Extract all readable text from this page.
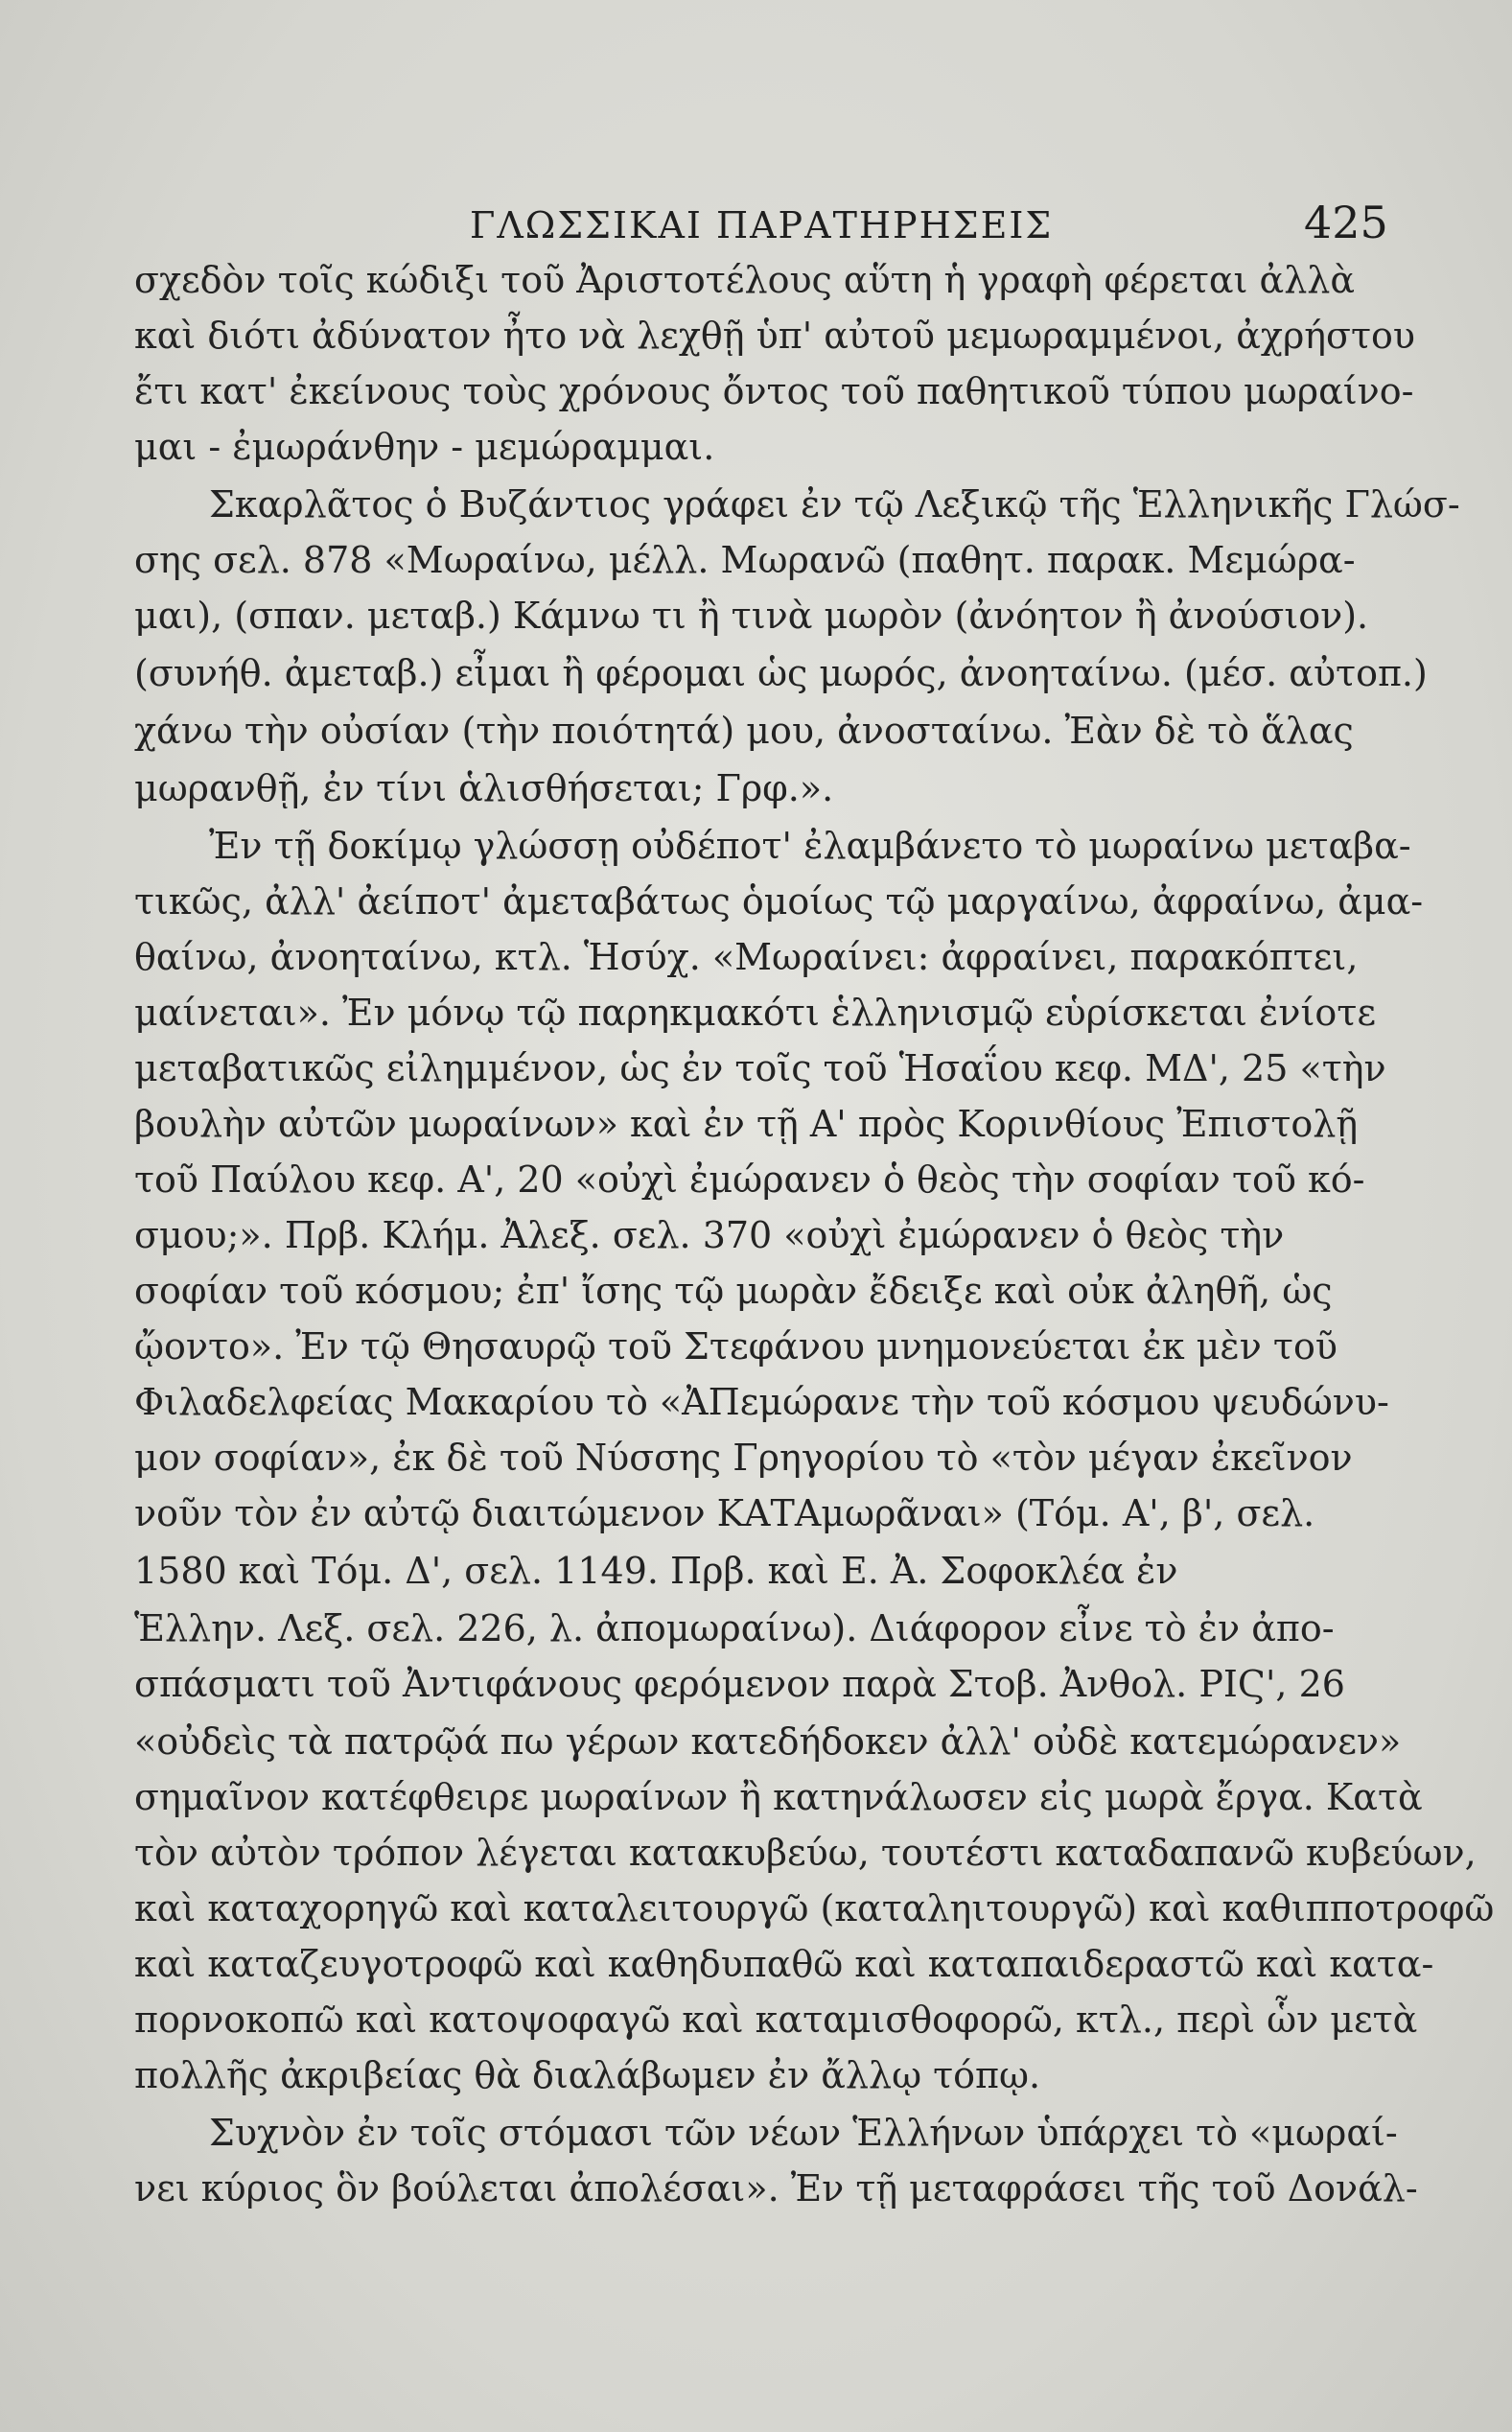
ΓΛΩΣΣΙΚΑΙ ΠΑΡΑΤΗΡΗΣΕΙΣ	425
σχεδὸν τοῖς κώδιξι τοῦ Ἀριστοτέλους αὕτη ἡ γραφὴ φέρεται ἀλλὰ
καὶ διότι ἀδύνατον ἦτο νὰ λεχθῇ ὑπ' αὐτοῦ μεμωραμμένοι, ἀχρήστου
ἔτι κατ' ἐκείνους τοὺς χρόνους ὄντος τοῦ παθητικοῦ τύπου μωραίνο-
μαι - ἐμωράνθην - μεμώραμμαι.
Σκαρλᾶτος ὁ Βυζάντιος γράφει ἐν τῷ Λεξικῷ τῆς Ἑλληνικῆς Γλώσ-
σης σελ. 878 «Μωραίνω, μέλλ. Μωρανῶ (παθητ. παρακ. Μεμώρα-
μαι), (σπαν. μεταβ.) Κάμνω τι ἢ τινὰ μωρὸν (ἀνόητον ἢ ἀνούσιον).
(συνήθ. ἀμεταβ.) εἶμαι ἢ φέρομαι ὡς μωρός, ἀνοηταίνω. (μέσ. αὐτοπ.)
χάνω τὴν οὐσίαν (τὴν ποιότητά) μου, ἀνοσταίνω. Ἐὰν δὲ τὸ ἅλας
μωρανθῇ, ἐν τίνι ἁλισθήσεται; Γρφ.».
Ἐν τῇ δοκίμῳ γλώσσῃ οὐδέποτ' ἐλαμβάνετο τὸ μωραίνω μεταβα-
τικῶς, ἀλλ' ἀείποτ' ἀμεταβάτως ὁμοίως τῷ μαργαίνω, ἀφραίνω, ἀμα-
θαίνω, ἀνοηταίνω, κτλ. Ἡσύχ. «Μωραίνει: ἀφραίνει, παρακόπτει,
μαίνεται». Ἐν μόνῳ τῷ παρηκμακότι ἑλληνισμῷ εὑρίσκεται ἐνίοτε
μεταβατικῶς εἰλημμένον, ὡς ἐν τοῖς τοῦ Ἡσαΐου κεφ. ΜΔ', 25 «τὴν
βουλὴν αὐτῶν μωραίνων» καὶ ἐν τῇ Α' πρὸς Κορινθίους Ἐπιστολῇ
τοῦ Παύλου κεφ. Α', 20 «οὐχὶ ἐμώρανεν ὁ θεὸς τὴν σοφίαν τοῦ κό-
σμου;». Πρβ. Κλήμ. Ἀλεξ. σελ. 370 «οὐχὶ ἐμώρανεν ὁ θεὸς τὴν
σοφίαν τοῦ κόσμου; ἐπ' ἴσης τῷ μωρὰν ἔδειξε καὶ οὐκ ἀληθῆ, ὡς
ᾤοντο». Ἐν τῷ Θησαυρῷ τοῦ Στεφάνου μνημονεύεται ἐκ μὲν τοῦ
Φιλαδελφείας Μακαρίου τὸ «ἈΠεμώρανε τὴν τοῦ κόσμου ψευδώνυ-
μον σοφίαν», ἐκ δὲ τοῦ Νύσσης Γρηγορίου τὸ «τὸν μέγαν ἐκεῖνον
νοῦν τὸν ἐν αὐτῷ διαιτώμενον ΚΑΤΑμωρᾶναι» (Τόμ. Α', β', σελ.
1580 καὶ Τόμ. Δ', σελ. 1149. Πρβ. καὶ Ε. Ἀ. Σοφοκλέα ἐν
Ἑλλην. Λεξ. σελ. 226, λ. ἀπομωραίνω). Διάφορον εἶνε τὸ ἐν ἀπο-
σπάσματι τοῦ Ἀντιφάνους φερόμενον παρὰ Στοβ. Ἀνθολ. ΡΙϚ', 26
«οὐδεὶς τὰ πατρῷά πω γέρων κατεδήδοκεν ἀλλ' οὐδὲ κατεμώρανεν»
σημαῖνον κατέφθειρε μωραίνων ἢ κατηνάλωσεν εἰς μωρὰ ἔργα. Κατὰ
τὸν αὐτὸν τρόπον λέγεται κατακυβεύω, τουτέστι καταδαπανῶ κυβεύων,
καὶ καταχορηγῶ καὶ καταλειτουργῶ (καταληιτουργῶ) καὶ καθιπποτροφῶ
καὶ καταζευγοτροφῶ καὶ καθηδυπαθῶ καὶ καταπαιδεραστῶ καὶ κατα-
πορνοκοπῶ καὶ κατοψοφαγῶ καὶ καταμισθοφορῶ, κτλ., περὶ ὧν μετὰ
πολλῆς ἀκριβείας θὰ διαλάβωμεν ἐν ἄλλῳ τόπῳ.
Συχνὸν ἐν τοῖς στόμασι τῶν νέων Ἑλλήνων ὑπάρχει τὸ «μωραί-
νει κύριος ὃν βούλεται ἀπολέσαι». Ἐν τῇ μεταφράσει τῆς τοῦ Δονάλ-
